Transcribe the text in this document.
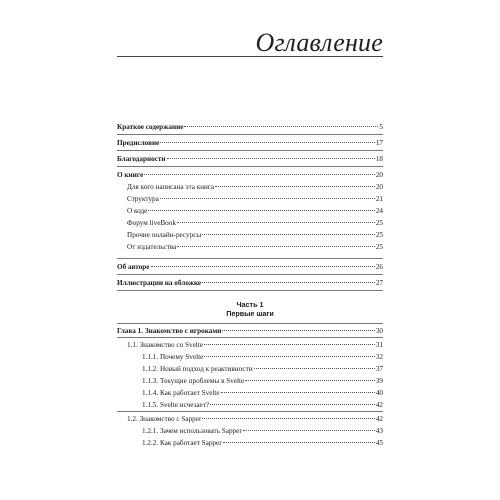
Оглавление
Краткое содержание	5
Предисловие	17
Благодарности	18
О книге	20
Для кого написана эта книга	20
Структура	21
О коде	24
Форум liveBook	25
Прочие онлайн-ресурсы	25
От издательства	25
Об авторе	26
Иллюстрации на обложке	27
Часть 1
Первые шаги
Глава 1. Знакомство с игроками	30
1.1. Знакомство со Svelte	31
1.1.1. Почему Svelte	32
1.1.2. Новый подход к реактивности	37
1.1.3. Текущие проблемы в Svelte	39
1.1.4. Как работает Svelte	40
1.1.5. Svelte исчезает?	42
1.2. Знакомство с Sapper	42
1.2.1. Зачем использовать Sapper	43
1.2.2. Как работает Sapper	45
